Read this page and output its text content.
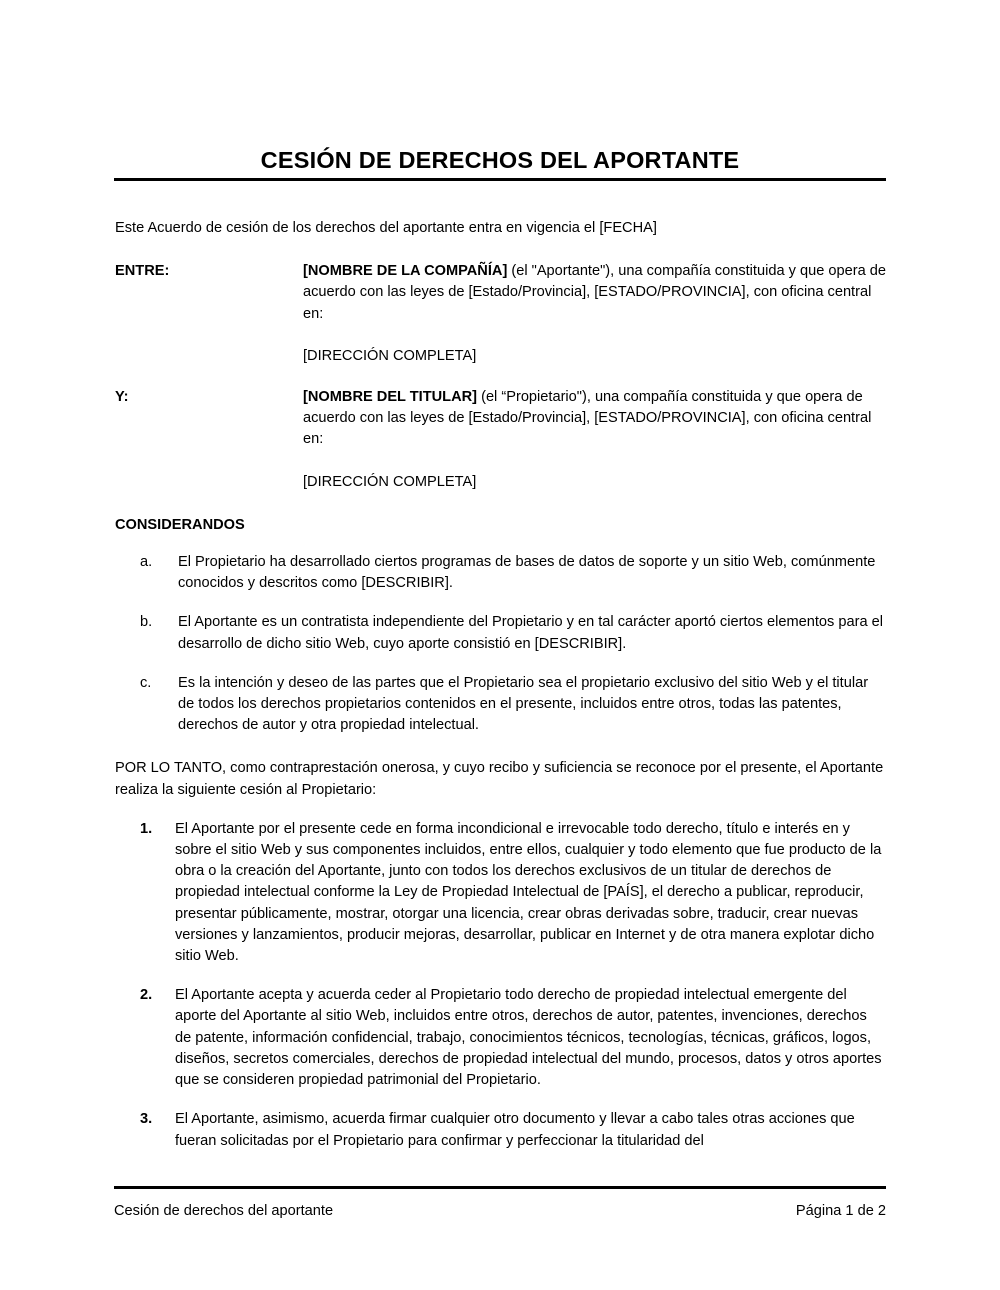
CESIÓN DE DERECHOS DEL APORTANTE

Este Acuerdo de cesión de los derechos del aportante entra en vigencia el [FECHA]

ENTRE:	[NOMBRE DE LA COMPAÑÍA] (el "Aportante"), una compañía constituida y que opera de acuerdo con las leyes de [Estado/Provincia], [ESTADO/PROVINCIA], con oficina central en:

[DIRECCIÓN COMPLETA]

Y:	[NOMBRE DEL TITULAR] (el “Propietario"), una compañía constituida y que opera de acuerdo con las leyes de [Estado/Provincia], [ESTADO/PROVINCIA], con oficina central en:

[DIRECCIÓN COMPLETA]

CONSIDERANDOS

a.	El Propietario ha desarrollado ciertos programas de bases de datos de soporte y un sitio Web, comúnmente conocidos y descritos como [DESCRIBIR].
b.	El Aportante es un contratista independiente del Propietario y en tal carácter aportó ciertos elementos para el desarrollo de dicho sitio Web, cuyo aporte consistió en [DESCRIBIR].
c.	Es la intención y deseo de las partes que el Propietario sea el propietario exclusivo del sitio Web y el titular de todos los derechos propietarios contenidos en el presente, incluidos entre otros, todas las patentes, derechos de autor y otra propiedad intelectual.

POR LO TANTO, como contraprestación onerosa, y cuyo recibo y suficiencia se reconoce por el presente, el Aportante realiza la siguiente cesión al Propietario:

1.	El Aportante por el presente cede en forma incondicional e irrevocable todo derecho, título e interés en y sobre el sitio Web y sus componentes incluidos, entre ellos, cualquier y todo elemento que fue producto de la obra o la creación del Aportante, junto con todos los derechos exclusivos de un titular de derechos de propiedad intelectual conforme la Ley de Propiedad Intelectual de [PAÍS], el derecho a publicar, reproducir, presentar públicamente, mostrar, otorgar una licencia, crear obras derivadas sobre, traducir, crear nuevas versiones y lanzamientos, producir mejoras, desarrollar, publicar en Internet y de otra manera explotar dicho sitio Web.
2.	El Aportante acepta y acuerda ceder al Propietario todo derecho de propiedad intelectual emergente del aporte del Aportante al sitio Web, incluidos entre otros, derechos de autor, patentes, invenciones, derechos de patente, información confidencial, trabajo, conocimientos técnicos, tecnologías, técnicas, gráficos, logos, diseños, secretos comerciales, derechos de propiedad intelectual del mundo, procesos, datos y otros aportes que se consideren propiedad patrimonial del Propietario.
3.	El Aportante, asimismo, acuerda firmar cualquier otro documento y llevar a cabo tales otras acciones que fueran solicitadas por el Propietario para confirmar y perfeccionar la titularidad del
Cesión de derechos del aportante	Página 1 de 2
